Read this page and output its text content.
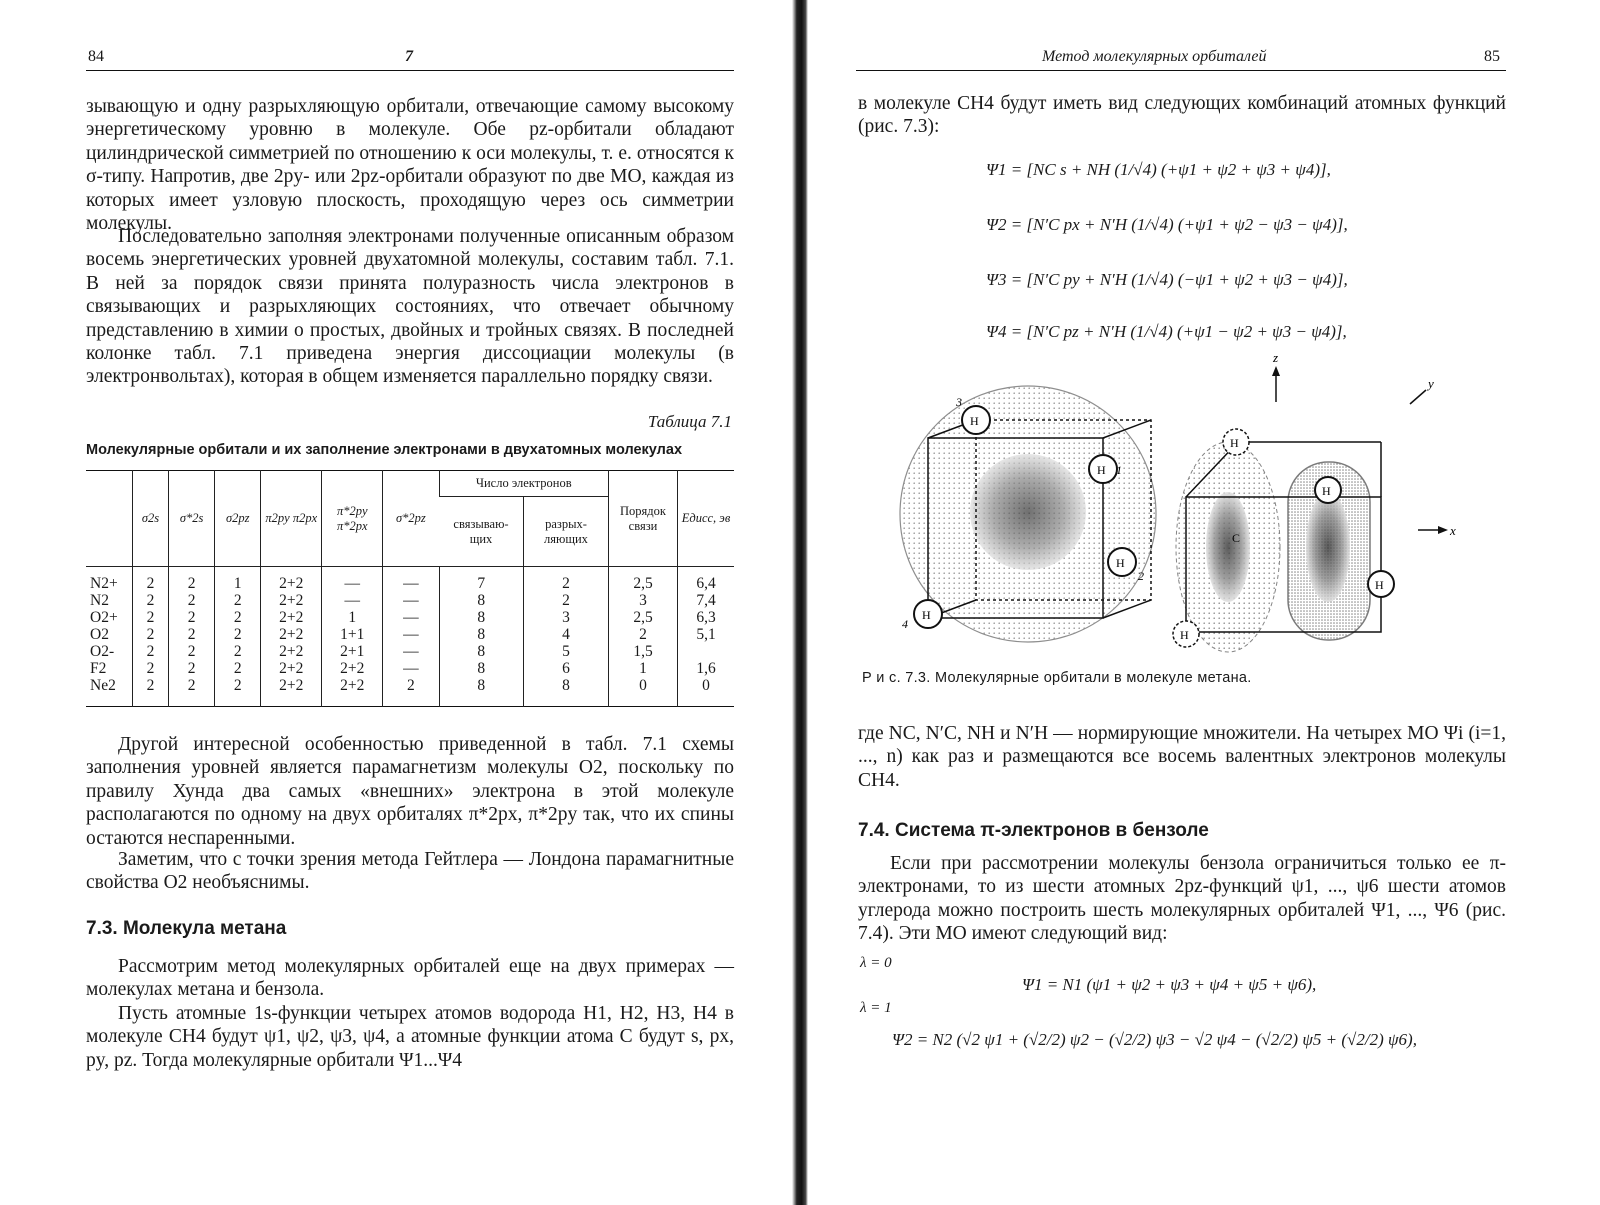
84	7

зывающую и одну разрыхляющую орбитали, отвечающие самому высокому энергетическому уровню в молекуле. Обе pz-орбитали обладают цилиндрической симметрией по отношению к оси молекулы, т. е. относятся к σ-типу. Напротив, две 2py- или 2pz-орбитали образуют по две МО, каждая из которых имеет узловую плоскость, проходящую через ось симметрии молекулы.

Последовательно заполняя электронами полученные описанным образом восемь энергетических уровней двухатомной молекулы, составим табл. 7.1. В ней за порядок связи принята полуразность числа электронов в связывающих и разрыхляющих состояниях, что отвечает обычному представлению в химии о простых, двойных и тройных связях. В последней колонке табл. 7.1 приведена энергия диссоциации молекулы (в электронвольтах), которая в общем изменяется параллельно порядку связи.

Таблица 7.1
Молекулярные орбитали и их заполнение электронами в двухатомных молекулах
	σ2s	σ*2s	σ2pz	π2py π2px	π*2py π*2px	σ*2pz	Число электронов		Порядок связи	Eдисс, эв
							связываю- щих	разрых- ляющих		
N2+	2	2	1	2+2	—	—	7	2	2,5	6,4
N2	2	2	2	2+2	—	—	8	2	3	7,4
O2+	2	2	2	2+2	1	—	8	3	2,5	6,3
O2	2	2	2	2+2	1+1	—	8	4	2	5,1
O2-	2	2	2	2+2	2+1	—	8	5	1,5	
F2	2	2	2	2+2	2+2	—	8	6	1	1,6
Ne2	2	2	2	2+2	2+2	2	8	8	0	0

Другой интересной особенностью приведенной в табл. 7.1 схемы заполнения уровней является парамагнетизм молекулы O2, поскольку по правилу Хунда два самых «внешних» электрона в этой молекуле располагаются по одному на двух орбиталях π*2px, π*2py так, что их спины остаются неспаренными.

Заметим, что с точки зрения метода Гейтлера — Лондона парамагнитные свойства O2 необъяснимы.

7.3. Молекула метана

Рассмотрим метод молекулярных орбиталей еще на двух примерах — молекулах метана и бензола.

Пусть атомные 1s-функции четырех атомов водорода H1, H2, H3, H4 в молекуле CH4 будут ψ1, ψ2, ψ3, ψ4, а атомные функции атома C будут s, px, py, pz. Тогда молекулярные орбитали Ψ1...Ψ4

Метод молекулярных орбиталей	85

в молекуле CH4 будут иметь вид следующих комбинаций атомных функций (рис. 7.3):

Ψ1 = [NC s + NH (1/√4) (+ψ1 + ψ2 + ψ3 + ψ4)],
Ψ2 = [N′C px + N′H (1/√4) (+ψ1 + ψ2 − ψ3 − ψ4)],
Ψ3 = [N′C py + N′H (1/√4) (−ψ1 + ψ2 + ψ3 − ψ4)],
Ψ4 = [N′C pz + N′H (1/√4) (+ψ1 − ψ2 + ψ3 − ψ4)],
z
y
x
H
H
H
H
3
1
2
4
C
H
H
H
H
Р и с. 7.3. Молекулярные орбитали в молекуле метана.

где NC, N′C, NH и N′H — нормирующие множители. На четырех МО Ψi (i=1, ..., n) как раз и размещаются все восемь валентных электронов молекулы CH4.

7.4. Система π-электронов в бензоле

Если при рассмотрении молекулы бензола ограничиться только ее π-электронами, то из шести атомных 2pz-функций ψ1, ..., ψ6 шести атомов углерода можно построить шесть молекулярных орбиталей Ψ1, ..., Ψ6 (рис. 7.4). Эти МО имеют следующий вид:

λ = 0
Ψ1 = N1 (ψ1 + ψ2 + ψ3 + ψ4 + ψ5 + ψ6),
λ = 1
Ψ2 = N2 (√2 ψ1 + (√2/2) ψ2 − (√2/2) ψ3 − √2 ψ4 − (√2/2) ψ5 + (√2/2) ψ6),
